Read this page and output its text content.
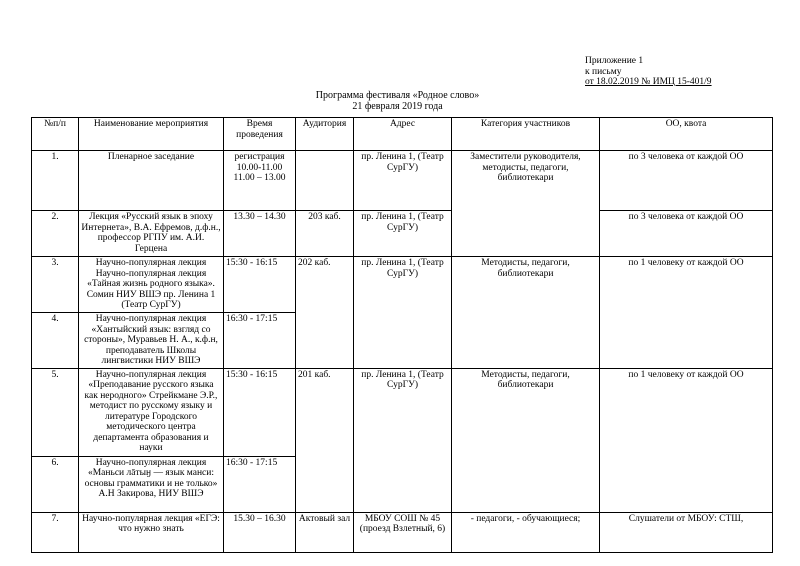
Приложение 1
к письму
от 18.02.2019 № ИМЦ 15-401/9
Программа фестиваля «Родное слово»
21 февраля 2019 года
№п/п	Наименование мероприятия	Время проведения	Аудитория	Адрес	Категория участников	ОО, квота
1.	Пленарное заседание	регистрация 10.00-11.00 11.00 – 13.00		пр. Ленина 1, (Театр СурГУ)	Заместители руководителя, методисты, педагоги, библиотекари	по 3 человека от каждой ОО
2.	Лекция «Русский язык в эпоху Интернета», В.А. Ефремов, д.ф.н., профессор РГПУ им. А.И. Герцена	13.30 – 14.30	203 каб.	пр. Ленина 1, (Театр СурГУ)		по 3 человека от каждой ОО
3.	Научно-популярная лекция Научно-популярная лекция «Тайная жизнь родного языка». Сомин НИУ ВШЭ пр. Ленина 1 (Театр СурГУ)	15:30 - 16:15	202 каб.	пр. Ленина 1, (Театр СурГУ)	Методисты, педагоги, библиотекари	по 1 человеку от каждой ОО
4.	Научно-популярная лекция «Хантыйский язык: взгляд со стороны», Муравьев Н. А., к.ф.н, преподаватель Школы лингвистики НИУ ВШЭ	16:30 - 17:15				
5.	Научно-популярная лекция «Преподавание русского языка как неродного» Стрейкмане Э.Р., методист по русскому языку и литературе Городского методического центра департамента образования и науки	15:30 - 16:15	201 каб.	пр. Ленина 1, (Театр СурГУ)	Методисты, педагоги, библиотекари	по 1 человеку от каждой ОО
6.	Научно-популярная лекция «Маньси лāтыӈ — язык манси: основы грамматики и не только» А.Н Закирова, НИУ ВШЭ	16:30 - 17:15				
7.	Научно-популярная лекция «ЕГЭ: что нужно знать	15.30 – 16.30	Актовый зал	МБОУ СОШ № 45 (проезд Взлетный, 6)	- педагоги, - обучающиеся;	Слушатели от МБОУ: СТШ,
